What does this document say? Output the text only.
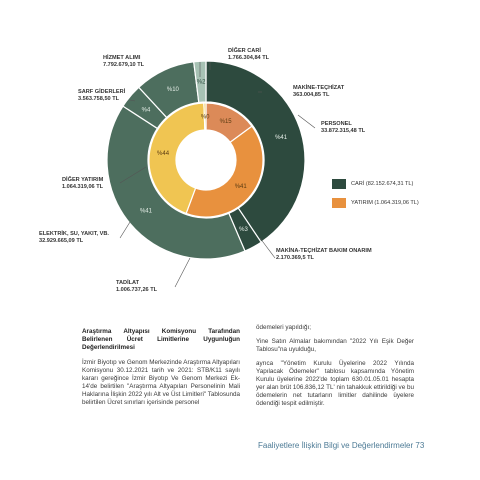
%41
%3
%41
%4
%10
%2
%15
%41
%44
%0
HİZMET ALIMI
7.792.679,10 TL
DİĞER CARİ
1.766.304,84 TL
MAKİNE-TEÇHİZAT
363.004,85 TL
PERSONEL
33.872.315,48 TL
SARF GİDERLERİ
3.563.758,50 TL
DİĞER YATIRIM
1.064.319,06 TL
ELEKTRİK, SU, YAKIT, VB.
32.929.665,09 TL
MAKİNA-TEÇHİZAT BAKIM ONARIM
2.170.369,5 TL
TADİLAT
1.006.737,26 TL
CARİ (82.152.674,31 TL)
YATIRIM (1.064.319,06 TL)

Araştırma Altyapısı Komisyonu Tarafından Belirlenen Ücret Limitlerine Uygunluğun Değerlendirilmesi

İzmir Biyotıp ve Genom Merkezinde Araştırma Altyapıları Komisyonu 30.12.2021 tarih ve 2021: STB/K11 sayılı kararı gereğince İzmir Biyotıp Ve Genom Merkezi Ek-14'de belirtilen "Araştırma Altyapıları Personelinin Mali Haklarına İlişkin 2022 yılı Alt ve Üst Limitleri" Tablosunda belirtilen Ücret sınırları içerisinde personel

ödemeleri yapıldığı;

Yine Satın Almalar bakımından "2022 Yılı Eşik Değer Tablosu"na uyulduğu,

ayrıca "Yönetim Kurulu Üyelerine 2022 Yılında Yapılacak Ödemeler" tablosu kapsamında Yönetim Kurulu üyelerine 2022'de toplam 630.01.05.01 hesapta yer alan brüt 106.836,12 TL' nin tahakkuk ettirildiği ve bu ödemelerin net tutarların limitler dahilinde üyelere ödendiği tespit edilmiştir.

Faaliyetlere İlişkin Bilgi ve Değerlendirmeler 73
